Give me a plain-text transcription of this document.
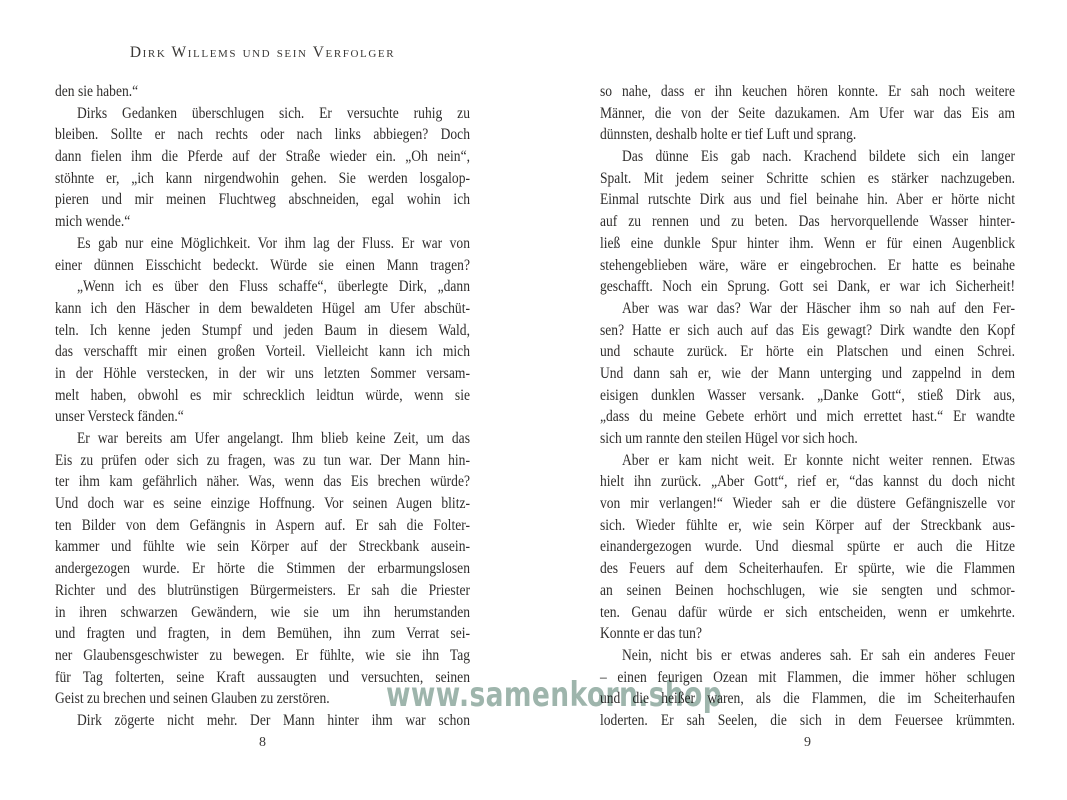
Dirk Willems und sein Verfolger
den sie haben.“
Dirks Gedanken überschlugen sich. Er versuchte ruhig zu
bleiben. Sollte er nach rechts oder nach links abbiegen? Doch
dann fielen ihm die Pferde auf der Straße wieder ein. „Oh nein“,
stöhnte er, „ich kann nirgendwohin gehen. Sie werden losgalop-
pieren und mir meinen Fluchtweg abschneiden, egal wohin ich
mich wende.“
Es gab nur eine Möglichkeit. Vor ihm lag der Fluss. Er war von
einer dünnen Eisschicht bedeckt. Würde sie einen Mann tragen?
„Wenn ich es über den Fluss schaffe“, überlegte Dirk, „dann
kann ich den Häscher in dem bewaldeten Hügel am Ufer abschüt-
teln. Ich kenne jeden Stumpf und jeden Baum in diesem Wald,
das verschafft mir einen großen Vorteil. Vielleicht kann ich mich
in der Höhle verstecken, in der wir uns letzten Sommer versam-
melt haben, obwohl es mir schrecklich leidtun würde, wenn sie
unser Versteck fänden.“
Er war bereits am Ufer angelangt. Ihm blieb keine Zeit, um das
Eis zu prüfen oder sich zu fragen, was zu tun war. Der Mann hin-
ter ihm kam gefährlich näher. Was, wenn das Eis brechen würde?
Und doch war es seine einzige Hoffnung. Vor seinen Augen blitz-
ten Bilder von dem Gefängnis in Aspern auf. Er sah die Folter-
kammer und fühlte wie sein Körper auf der Streckbank ausein-
andergezogen wurde. Er hörte die Stimmen der erbarmungslosen
Richter und des blutrünstigen Bürgermeisters. Er sah die Priester
in ihren schwarzen Gewändern, wie sie um ihn herumstanden
und fragten und fragten, in dem Bemühen, ihn zum Verrat sei-
ner Glaubensgeschwister zu bewegen. Er fühlte, wie sie ihn Tag
für Tag folterten, seine Kraft aussaugten und versuchten, seinen
Geist zu brechen und seinen Glauben zu zerstören.
Dirk zögerte nicht mehr. Der Mann hinter ihm war schon
8
so nahe, dass er ihn keuchen hören konnte. Er sah noch weitere
Männer, die von der Seite dazukamen. Am Ufer war das Eis am
dünnsten, deshalb holte er tief Luft und sprang.
Das dünne Eis gab nach. Krachend bildete sich ein langer
Spalt. Mit jedem seiner Schritte schien es stärker nachzugeben.
Einmal rutschte Dirk aus und fiel beinahe hin. Aber er hörte nicht
auf zu rennen und zu beten. Das hervorquellende Wasser hinter-
ließ eine dunkle Spur hinter ihm. Wenn er für einen Augenblick
stehengeblieben wäre, wäre er eingebrochen. Er hatte es beinahe
geschafft. Noch ein Sprung. Gott sei Dank, er war ich Sicherheit!
Aber was war das? War der Häscher ihm so nah auf den Fer-
sen? Hatte er sich auch auf das Eis gewagt? Dirk wandte den Kopf
und schaute zurück. Er hörte ein Platschen und einen Schrei.
Und dann sah er, wie der Mann unterging und zappelnd in dem
eisigen dunklen Wasser versank. „Danke Gott“, stieß Dirk aus,
„dass du meine Gebete erhört und mich errettet hast.“ Er wandte
sich um rannte den steilen Hügel vor sich hoch.
Aber er kam nicht weit. Er konnte nicht weiter rennen. Etwas
hielt ihn zurück. „Aber Gott“, rief er, “das kannst du doch nicht
von mir verlangen!“ Wieder sah er die düstere Gefängniszelle vor
sich. Wieder fühlte er, wie sein Körper auf der Streckbank aus-
einandergezogen wurde. Und diesmal spürte er auch die Hitze
des Feuers auf dem Scheiterhaufen. Er spürte, wie die Flammen
an seinen Beinen hochschlugen, wie sie sengten und schmor-
ten. Genau dafür würde er sich entscheiden, wenn er umkehrte.
Konnte er das tun?
Nein, nicht bis er etwas anderes sah. Er sah ein anderes Feuer
– einen feurigen Ozean mit Flammen, die immer höher schlugen
und die heißer waren, als die Flammen, die im Scheiterhaufen
loderten. Er sah Seelen, die sich in dem Feuersee krümmten.
9
www.samenkorn.shop
